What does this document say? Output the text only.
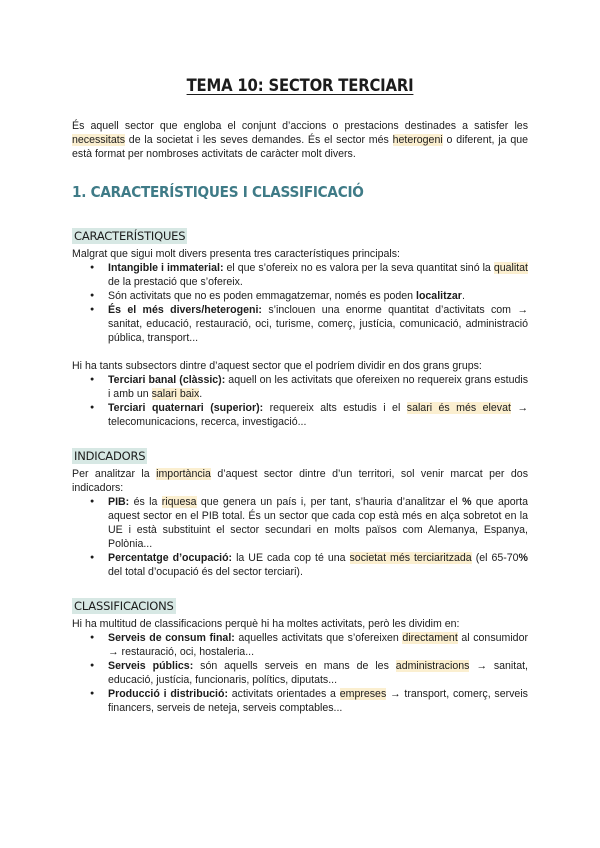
TEMA 10: SECTOR TERCIARI

És aquell sector que engloba el conjunt d’accions o prestacions destinades a satisfer les necessitats de la societat i les seves demandes. És el sector més heterogeni o diferent, ja que està format per nombroses activitats de caràcter molt divers.

1. CARACTERÍSTIQUES I CLASSIFICACIÓ
CARACTERÍSTIQUES

Malgrat que sigui molt divers presenta tres característiques principals:

● Intangible i immaterial: el que s’ofereix no es valora per la seva quantitat sinó la qualitat de la prestació que s’ofereix.
● Són activitats que no es poden emmagatzemar, només es poden localitzar.
● És el més divers/heterogeni: s’inclouen una enorme quantitat d’activitats com → sanitat, educació, restauració, oci, turisme, comerç, justícia, comunicació, administració pública, transport...

Hi ha tants subsectors dintre d’aquest sector que el podríem dividir en dos grans grups:

● Terciari banal (clàssic): aquell on les activitats que ofereixen no requereix grans estudis i amb un salari baix.
● Terciari quaternari (superior): requereix alts estudis i el salari és més elevat → telecomunicacions, recerca, investigació...
INDICADORS

Per analitzar la importància d’aquest sector dintre d’un territori, sol venir marcat per dos indicadors:

● PIB: és la riquesa que genera un país i, per tant, s’hauria d’analitzar el % que aporta aquest sector en el PIB total. És un sector que cada cop està més en alça sobretot en la UE i està substituint el sector secundari en molts països com Alemanya, Espanya, Polònia...
● Percentatge d’ocupació: la UE cada cop té una societat més terciaritzada (el 65-70% del total d’ocupació és del sector terciari).
CLASSIFICACIONS

Hi ha multitud de classificacions perquè hi ha moltes activitats, però les dividim en:

● Serveis de consum final: aquelles activitats que s’ofereixen directament al consumidor → restauració, oci, hostaleria...
● Serveis públics: són aquells serveis en mans de les administracions → sanitat, educació, justícia, funcionaris, polítics, diputats...
● Producció i distribució: activitats orientades a empreses → transport, comerç, serveis financers, serveis de neteja, serveis comptables...
